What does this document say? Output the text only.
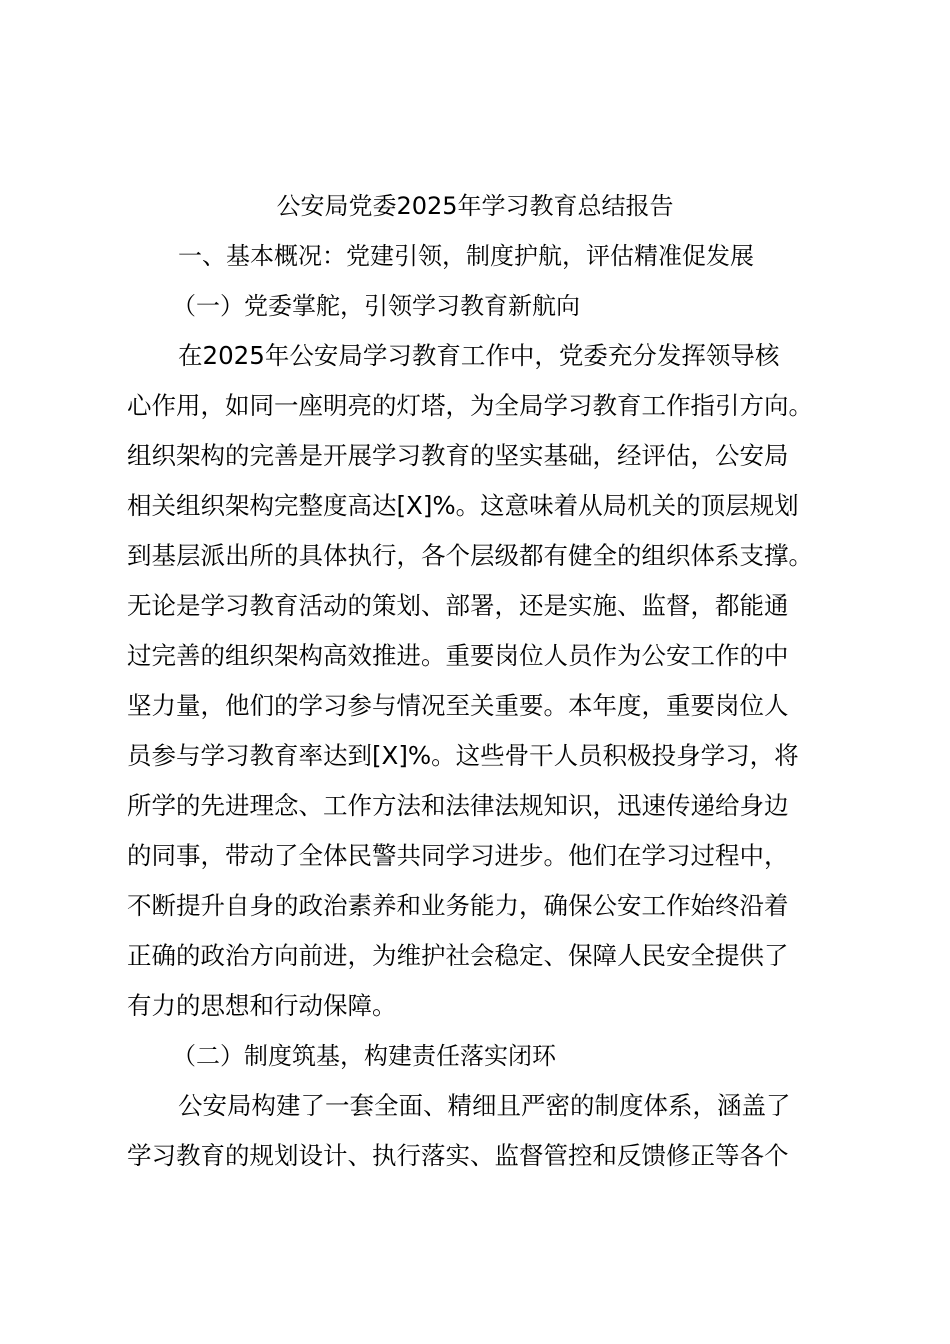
公安局党委2025年学习教育总结报告
一、基本概况：党建引领，制度护航，评估精准促发展
（一）党委掌舵，引领学习教育新航向
在2025年公安局学习教育工作中，党委充分发挥领导核
心作用，如同一座明亮的灯塔，为全局学习教育工作指引方向。
组织架构的完善是开展学习教育的坚实基础，经评估，公安局
相关组织架构完整度高达[X]%。这意味着从局机关的顶层规划
到基层派出所的具体执行，各个层级都有健全的组织体系支撑。
无论是学习教育活动的策划、部署，还是实施、监督，都能通
过完善的组织架构高效推进。重要岗位人员作为公安工作的中
坚力量，他们的学习参与情况至关重要。本年度，重要岗位人
员参与学习教育率达到[X]%。这些骨干人员积极投身学习，将
所学的先进理念、工作方法和法律法规知识，迅速传递给身边
的同事，带动了全体民警共同学习进步。他们在学习过程中，
不断提升自身的政治素养和业务能力，确保公安工作始终沿着
正确的政治方向前进，为维护社会稳定、保障人民安全提供了
有力的思想和行动保障。
（二）制度筑基，构建责任落实闭环
公安局构建了一套全面、精细且严密的制度体系，涵盖了
学习教育的规划设计、执行落实、监督管控和反馈修正等各个
